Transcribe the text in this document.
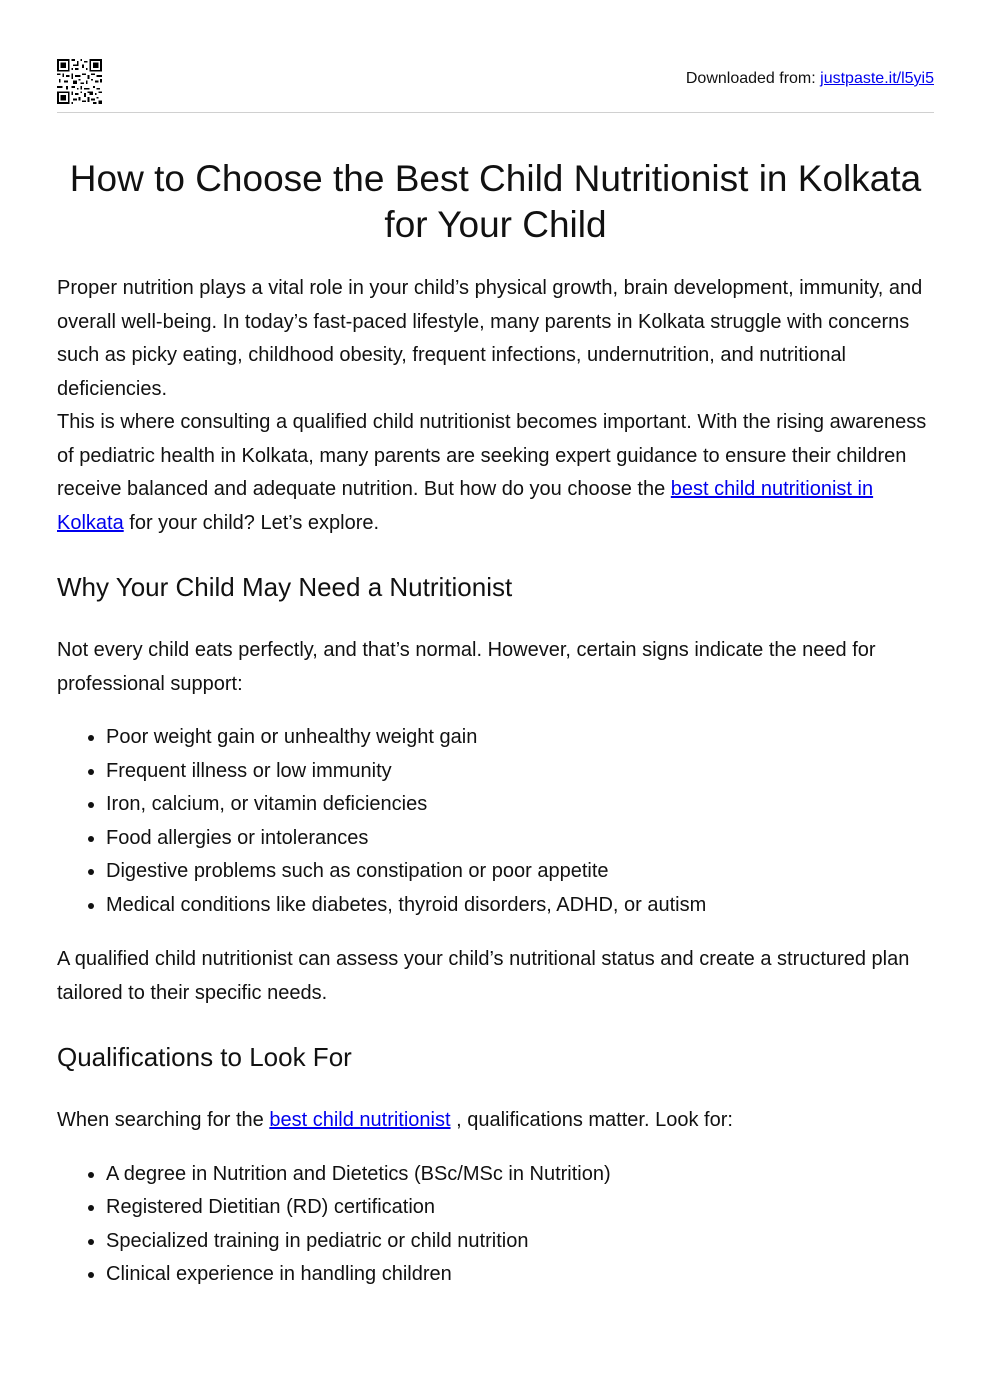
Downloaded from: justpaste.it/l5yi5
How to Choose the Best Child Nutritionist in Kolkata for Your Child

Proper nutrition plays a vital role in your child’s physical growth, brain development, immunity, and overall well-being. In today’s fast-paced lifestyle, many parents in Kolkata struggle with concerns such as picky eating, childhood obesity, frequent infections, undernutrition, and nutritional deficiencies.

This is where consulting a qualified child nutritionist becomes important. With the rising awareness of pediatric health in Kolkata, many parents are seeking expert guidance to ensure their children receive balanced and adequate nutrition. But how do you choose the best child nutritionist in Kolkata for your child? Let’s explore.

Why Your Child May Need a Nutritionist

Not every child eats perfectly, and that’s normal. However, certain signs indicate the need for professional support:

• Poor weight gain or unhealthy weight gain
• Frequent illness or low immunity
• Iron, calcium, or vitamin deficiencies
• Food allergies or intolerances
• Digestive problems such as constipation or poor appetite
• Medical conditions like diabetes, thyroid disorders, ADHD, or autism

A qualified child nutritionist can assess your child’s nutritional status and create a structured plan tailored to their specific needs.

Qualifications to Look For

When searching for the best child nutritionist , qualifications matter. Look for:

• A degree in Nutrition and Dietetics (BSc/MSc in Nutrition)
• Registered Dietitian (RD) certification
• Specialized training in pediatric or child nutrition
• Clinical experience in handling children
